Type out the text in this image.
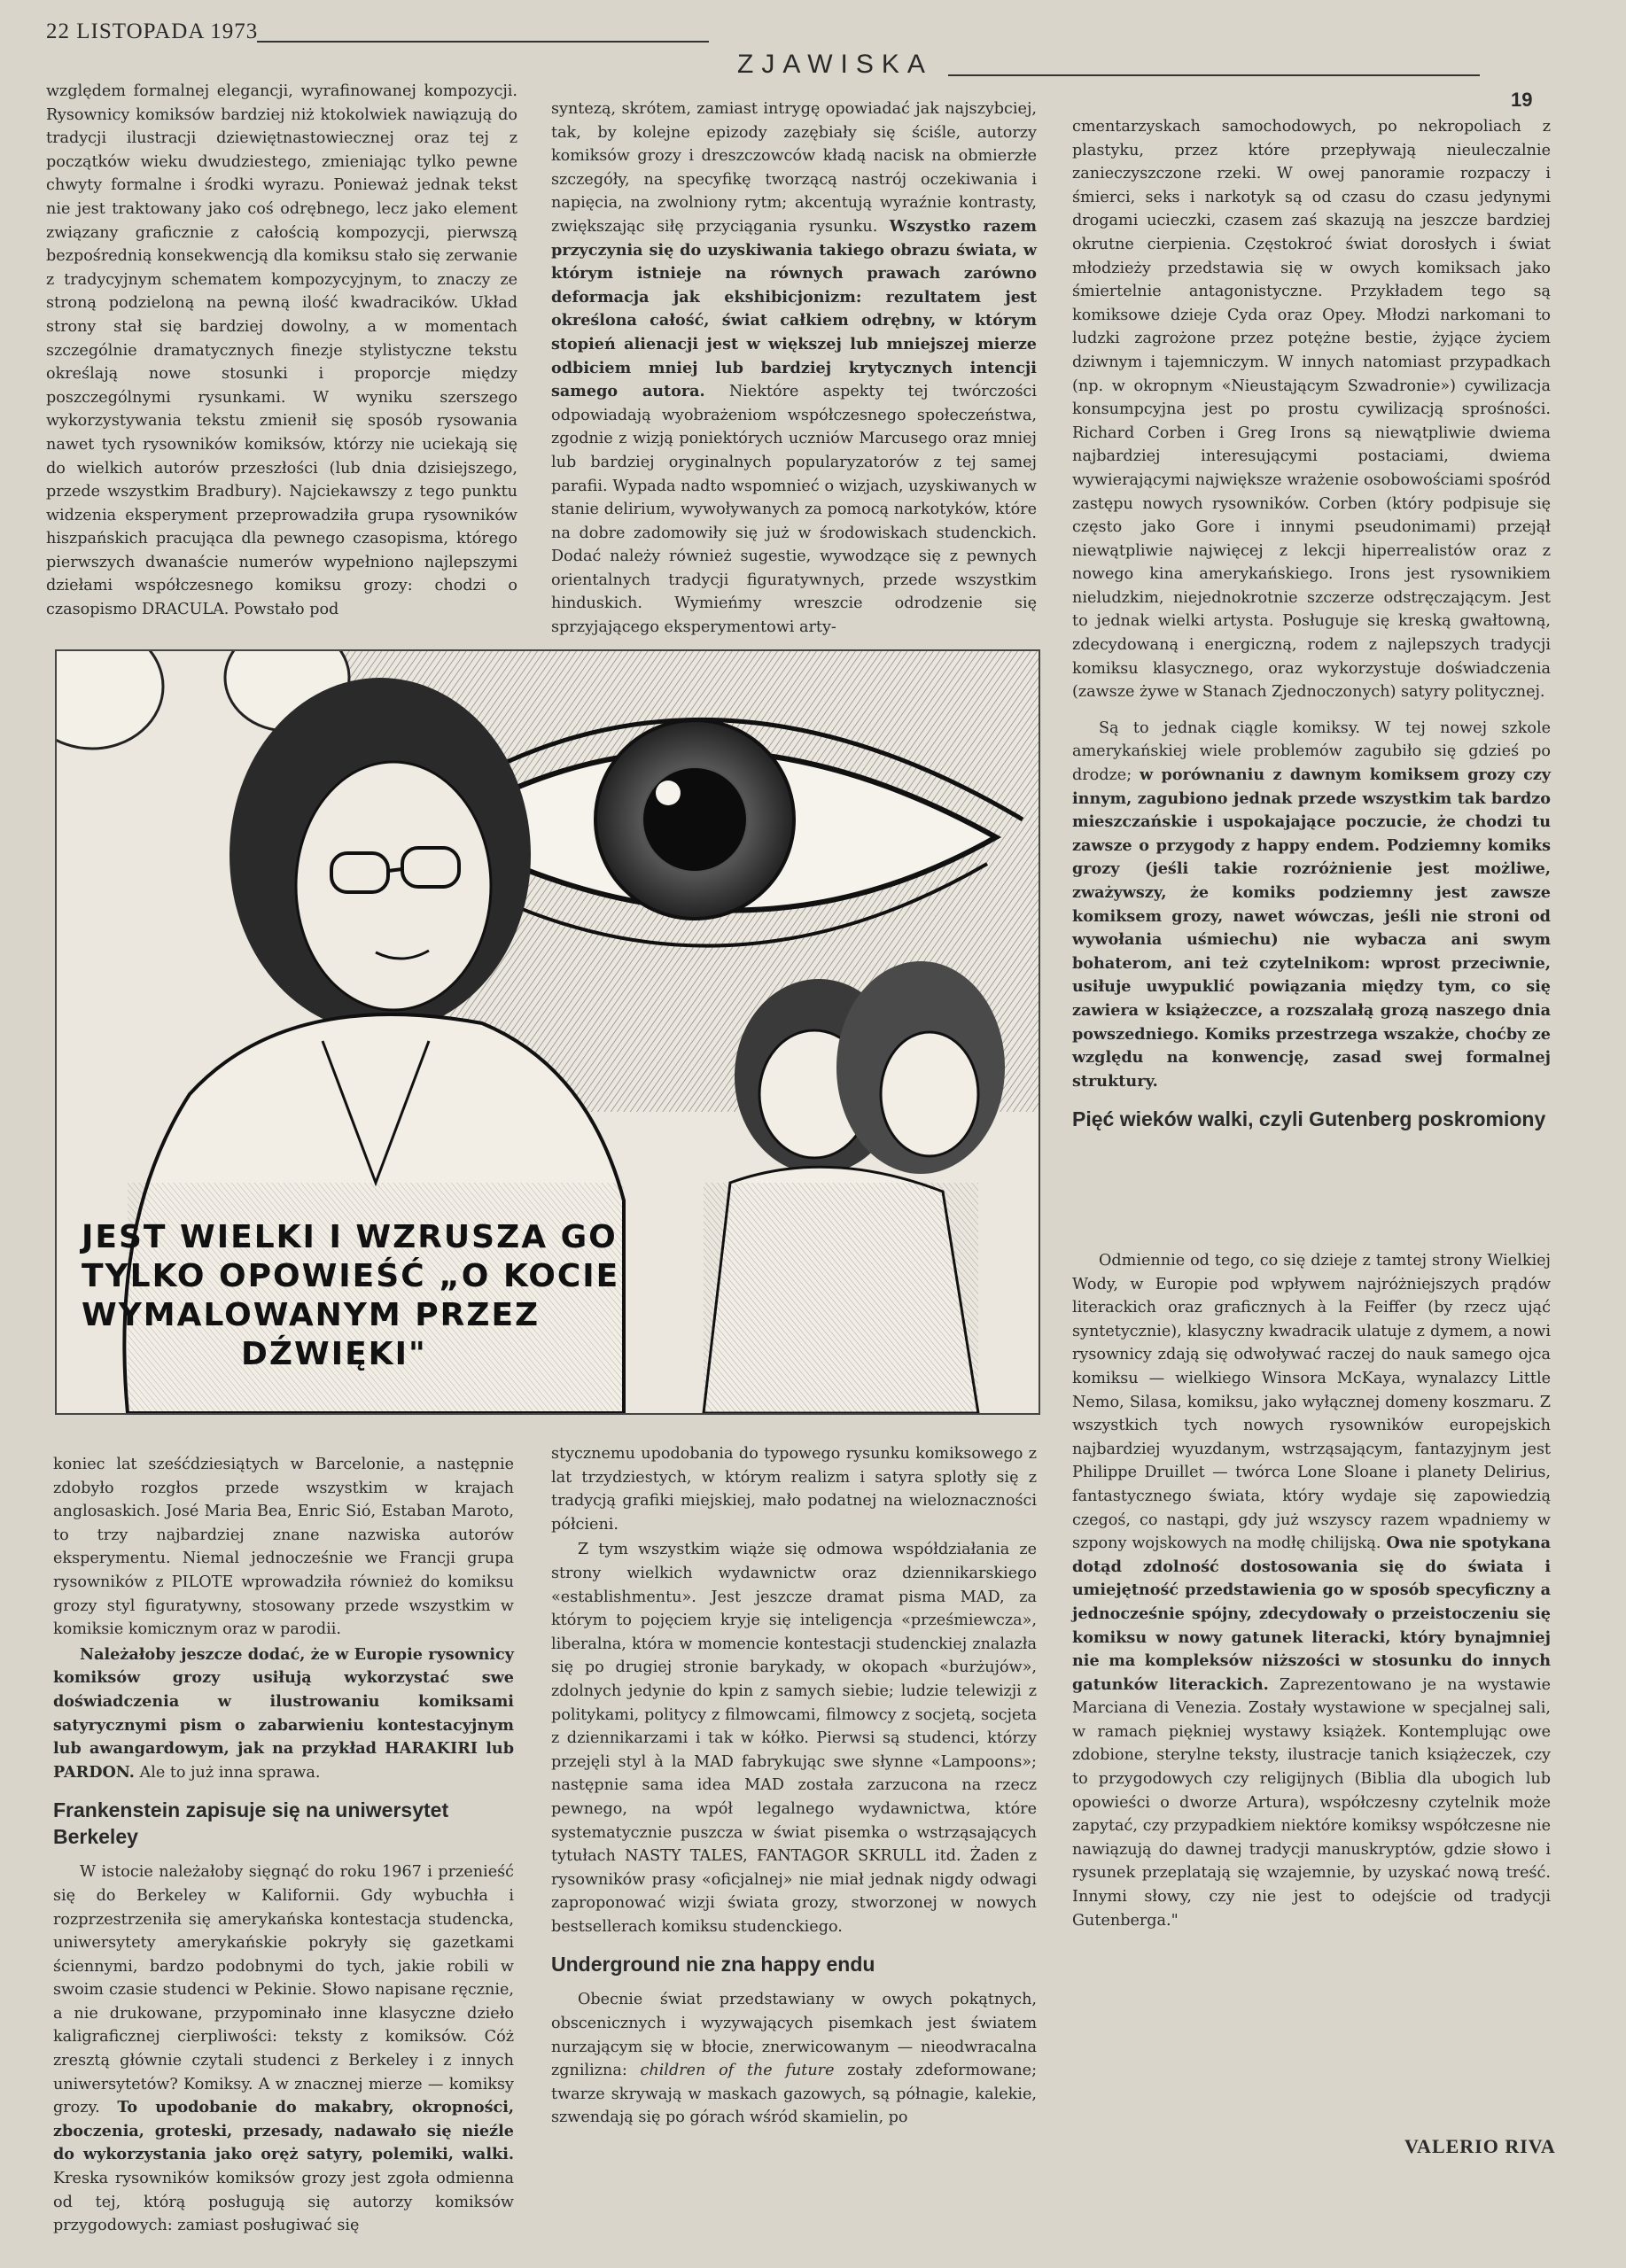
22 LISTOPADA 1973
ZJAWISKA
19

względem formalnej elegancji, wyrafinowanej kompozycji. Rysownicy komiksów bardziej niż ktokolwiek nawiązują do tradycji ilustracji dziewiętnastowiecznej oraz tej z początków wieku dwudziestego, zmieniając tylko pewne chwyty formalne i środki wyrazu. Ponieważ jednak tekst nie jest traktowany jako coś odrębnego, lecz jako element związany graficznie z całością kompozycji, pierwszą bezpośrednią konsekwencją dla komiksu stało się zerwanie z tradycyjnym schematem kompozycyjnym, to znaczy ze stroną podzieloną na pewną ilość kwadracików. Układ strony stał się bardziej dowolny, a w momentach szczególnie dramatycznych finezje stylistyczne tekstu określają nowe stosunki i proporcje między poszczególnymi rysunkami. W wyniku szerszego wykorzystywania tekstu zmienił się sposób rysowania nawet tych rysowników komiksów, którzy nie uciekają się do wielkich autorów przeszłości (lub dnia dzisiejszego, przede wszystkim Bradbury). Najciekawszy z tego punktu widzenia eksperyment przeprowadziła grupa rysowników hiszpańskich pracująca dla pewnego czasopisma, którego pierwszych dwanaście numerów wypełniono najlepszymi dziełami współczesnego komiksu grozy: chodzi o czasopismo DRACULA. Powstało pod

syntezą, skrótem, zamiast intrygę opowiadać jak najszybciej, tak, by kolejne epizody zazębiały się ściśle, autorzy komiksów grozy i dreszczowców kładą nacisk na obmierzłe szczegóły, na specyfikę tworzącą nastrój oczekiwania i napięcia, na zwolniony rytm; akcentują wyraźnie kontrasty, zwiększając siłę przyciągania rysunku. Wszystko razem przyczynia się do uzyskiwania takiego obrazu świata, w którym istnieje na równych prawach zarówno deformacja jak ekshibicjonizm: rezultatem jest określona całość, świat całkiem odrębny, w którym stopień alienacji jest w większej lub mniejszej mierze odbiciem mniej lub bardziej krytycznych intencji samego autora. Niektóre aspekty tej twórczości odpowiadają wyobrażeniom współczesnego społeczeństwa, zgodnie z wizją poniektórych uczniów Marcusego oraz mniej lub bardziej oryginalnych popularyzatorów z tej samej parafii. Wypada nadto wspomnieć o wizjach, uzyskiwanych w stanie delirium, wywoływanych za pomocą narkotyków, które na dobre zadomowiły się już w środowiskach studenckich. Dodać należy również sugestie, wywodzące się z pewnych orientalnych tradycji figuratywnych, przede wszystkim hinduskich. Wymieńmy wreszcie odrodzenie się sprzyjającego eksperymentowi arty-

cmentarzyskach samochodowych, po nekropoliach z plastyku, przez które przepływają nieuleczalnie zanieczyszczone rzeki. W owej panoramie rozpaczy i śmierci, seks i narkotyk są od czasu do czasu jedynymi drogami ucieczki, czasem zaś skazują na jeszcze bardziej okrutne cierpienia. Częstokroć świat dorosłych i świat młodzieży przedstawia się w owych komiksach jako śmiertelnie antagonistyczne. Przykładem tego są komiksowe dzieje Cyda oraz Opey. Młodzi narkomani to ludzki zagrożone przez potężne bestie, żyjące życiem dziwnym i tajemniczym. W innych natomiast przypadkach (np. w okropnym «Nieustającym Szwadronie») cywilizacja konsumpcyjna jest po prostu cywilizacją sprośności. Richard Corben i Greg Irons są niewątpliwie dwiema najbardziej interesującymi postaciami, dwiema wywierającymi największe wrażenie osobowościami spośród zastępu nowych rysowników. Corben (który podpisuje się często jako Gore i innymi pseudonimami) przejął niewątpliwie najwięcej z lekcji hiperrealistów oraz z nowego kina amerykańskiego. Irons jest rysownikiem nieludzkim, niejednokrotnie szczerze odstręczającym. Jest to jednak wielki artysta. Posługuje się kreską gwałtowną, zdecydowaną i energiczną, rodem z najlepszych tradycji komiksu klasycznego, oraz wykorzystuje doświadczenia (zawsze żywe w Stanach Zjednoczonych) satyry politycznej.

Są to jednak ciągle komiksy. W tej nowej szkole amerykańskiej wiele problemów zagubiło się gdzieś po drodze; w porównaniu z dawnym komiksem grozy czy innym, zagubiono jednak przede wszystkim tak bardzo mieszczańskie i uspokajające poczucie, że chodzi tu zawsze o przygody z happy endem. Podziemny komiks grozy (jeśli takie rozróżnienie jest możliwe, zważywszy, że komiks podziemny jest zawsze komiksem grozy, nawet wówczas, jeśli nie stroni od wywołania uśmiechu) nie wybacza ani swym bohaterom, ani też czytelnikom: wprost przeciwnie, usiłuje uwypuklić powiązania między tym, co się zawiera w książeczce, a rozszalałą grozą naszego dnia powszedniego. Komiks przestrzega wszakże, choćby ze względu na konwencję, zasad swej formalnej struktury.

Pięć wieków walki, czyli Gutenberg poskromiony
JEST WIELKI I WZRUSZA GO
TYLKO OPOWIEŚĆ „O KOCIE
WYMALOWANYM PRZEZ
DŹWIĘKI"

koniec lat sześćdziesiątych w Barcelonie, a następnie zdobyło rozgłos przede wszystkim w krajach anglosaskich. José Maria Bea, Enric Sió, Estaban Maroto, to trzy najbardziej znane nazwiska autorów eksperymentu. Niemal jednocześnie we Francji grupa rysowników z PILOTE wprowadziła również do komiksu grozy styl figuratywny, stosowany przede wszystkim w komiksie komicznym oraz w parodii.

Należałoby jeszcze dodać, że w Europie rysownicy komiksów grozy usiłują wykorzystać swe doświadczenia w ilustrowaniu komiksami satyrycznymi pism o zabarwieniu kontestacyjnym lub awangardowym, jak na przykład HARAKIRI lub PARDON. Ale to już inna sprawa.

Frankenstein zapisuje się na uniwersytet Berkeley

W istocie należałoby sięgnąć do roku 1967 i przenieść się do Berkeley w Kalifornii. Gdy wybuchła i rozprzestrzeniła się amerykańska kontestacja studencka, uniwersytety amerykańskie pokryły się gazetkami ściennymi, bardzo podobnymi do tych, jakie robili w swoim czasie studenci w Pekinie. Słowo napisane ręcznie, a nie drukowane, przypominało inne klasyczne dzieło kaligraficznej cierpliwości: teksty z komiksów. Cóż zresztą głównie czytali studenci z Berkeley i z innych uniwersytetów? Komiksy. A w znacznej mierze — komiksy grozy. To upodobanie do makabry, okropności, zboczenia, groteski, przesady, nadawało się nieźle do wykorzystania jako oręż satyry, polemiki, walki. Kreska rysowników komiksów grozy jest zgoła odmienna od tej, którą posługują się autorzy komiksów przygodowych: zamiast posługiwać się

stycznemu upodobania do typowego rysunku komiksowego z lat trzydziestych, w którym realizm i satyra splotły się z tradycją grafiki miejskiej, mało podatnej na wieloznaczności półcieni.

Z tym wszystkim wiąże się odmowa współdziałania ze strony wielkich wydawnictw oraz dziennikarskiego «establishmentu». Jest jeszcze dramat pisma MAD, za którym to pojęciem kryje się inteligencja «prześmiewcza», liberalna, która w momencie kontestacji studenckiej znalazła się po drugiej stronie barykady, w okopach «burżujów», zdolnych jedynie do kpin z samych siebie; ludzie telewizji z politykami, politycy z filmowcami, filmowcy z socjetą, socjeta z dziennikarzami i tak w kółko. Pierwsi są studenci, którzy przejęli styl à la MAD fabrykując swe słynne «Lampoons»; następnie sama idea MAD została zarzucona na rzecz pewnego, na wpół legalnego wydawnictwa, które systematycznie puszcza w świat pisemka o wstrząsających tytułach NASTY TALES, FANTAGOR SKRULL itd. Żaden z rysowników prasy «oficjalnej» nie miał jednak nigdy odwagi zaproponować wizji świata grozy, stworzonej w nowych bestsellerach komiksu studenckiego.

Underground nie zna happy endu

Obecnie świat przedstawiany w owych pokątnych, obscenicznych i wyzywających pisemkach jest światem nurzającym się w błocie, znerwicowanym — nieodwracalna zgnilizna: children of the future zostały zdeformowane; twarze skrywają w maskach gazowych, są półnagie, kalekie, szwendają się po górach wśród skamielin, po

Odmiennie od tego, co się dzieje z tamtej strony Wielkiej Wody, w Europie pod wpływem najróżniejszych prądów literackich oraz graficznych à la Feiffer (by rzecz ująć syntetycznie), klasyczny kwadracik ulatuje z dymem, a nowi rysownicy zdają się odwoływać raczej do nauk samego ojca komiksu — wielkiego Winsora McKaya, wynalazcy Little Nemo, Silasa, komiksu, jako wyłącznej domeny koszmaru. Z wszystkich tych nowych rysowników europejskich najbardziej wyuzdanym, wstrząsającym, fantazyjnym jest Philippe Druillet — twórca Lone Sloane i planety Delirius, fantastycznego świata, który wydaje się zapowiedzią czegoś, co nastąpi, gdy już wszyscy razem wpadniemy w szpony wojskowych na modłę chilijską. Owa nie spotykana dotąd zdolność dostosowania się do świata i umiejętność przedstawienia go w sposób specyficzny a jednocześnie spójny, zdecydowały o przeistoczeniu się komiksu w nowy gatunek literacki, który bynajmniej nie ma kompleksów niższości w stosunku do innych gatunków literackich. Zaprezentowano je na wystawie Marciana di Venezia. Zostały wystawione w specjalnej sali, w ramach piękniej wystawy książek. Kontemplując owe zdobione, sterylne teksty, ilustracje tanich książeczek, czy to przygodowych czy religijnych (Biblia dla ubogich lub opowieści o dworze Artura), współczesny czytelnik może zapytać, czy przypadkiem niektóre komiksy współczesne nie nawiązują do dawnej tradycji manuskryptów, gdzie słowo i rysunek przeplatają się wzajemnie, by uzyskać nową treść. Innymi słowy, czy nie jest to odejście od tradycji Gutenberga."

VALERIO RIVA
